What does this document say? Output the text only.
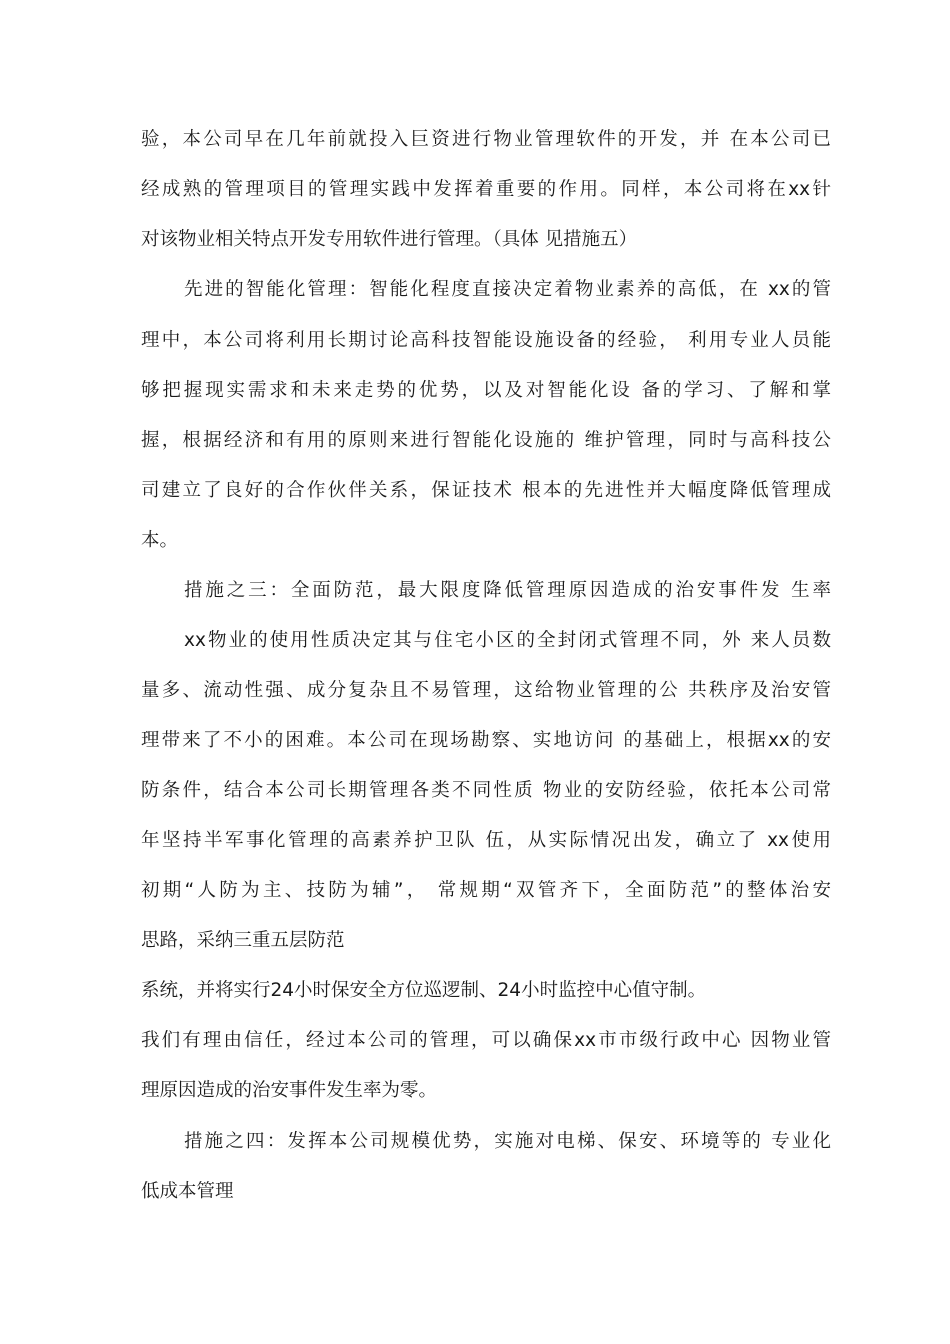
验，本公司早在几年前就投入巨资进行物业管理软件的开发，并 在本公司已
经成熟的管理项目的管理实践中发挥着重要的作用。同样，本公司将在xx针
对该物业相关特点开发专用软件进行管理。（具体 见措施五）
先进的智能化管理：智能化程度直接决定着物业素养的高低，在 xx的管
理中，本公司将利用长期讨论高科技智能设施设备的经验， 利用专业人员能
够把握现实需求和未来走势的优势，以及对智能化设 备的学习、了解和掌
握，根据经济和有用的原则来进行智能化设施的 维护管理，同时与高科技公
司建立了良好的合作伙伴关系，保证技术 根本的先进性并大幅度降低管理成
本。
措施之三：全面防范，最大限度降低管理原因造成的治安事件发 生率
xx物业的使用性质决定其与住宅小区的全封闭式管理不同，外 来人员数
量多、流动性强、成分复杂且不易管理，这给物业管理的公 共秩序及治安管
理带来了不小的困难。本公司在现场勘察、实地访问 的基础上，根据xx的安
防条件，结合本公司长期管理各类不同性质 物业的安防经验，依托本公司常
年坚持半军事化管理的高素养护卫队 伍，从实际情况出发，确立了 xx使用
初期“人防为主、技防为辅”， 常规期“双管齐下，全面防范”的整体治安
思路，采纳三重五层防范
系统，并将实行24小时保安全方位巡逻制、24小时监控中心值守制。
我们有理由信任，经过本公司的管理，可以确保xx市市级行政中心 因物业管
理原因造成的治安事件发生率为零。
措施之四：发挥本公司规模优势，实施对电梯、保安、环境等的 专业化
低成本管理
